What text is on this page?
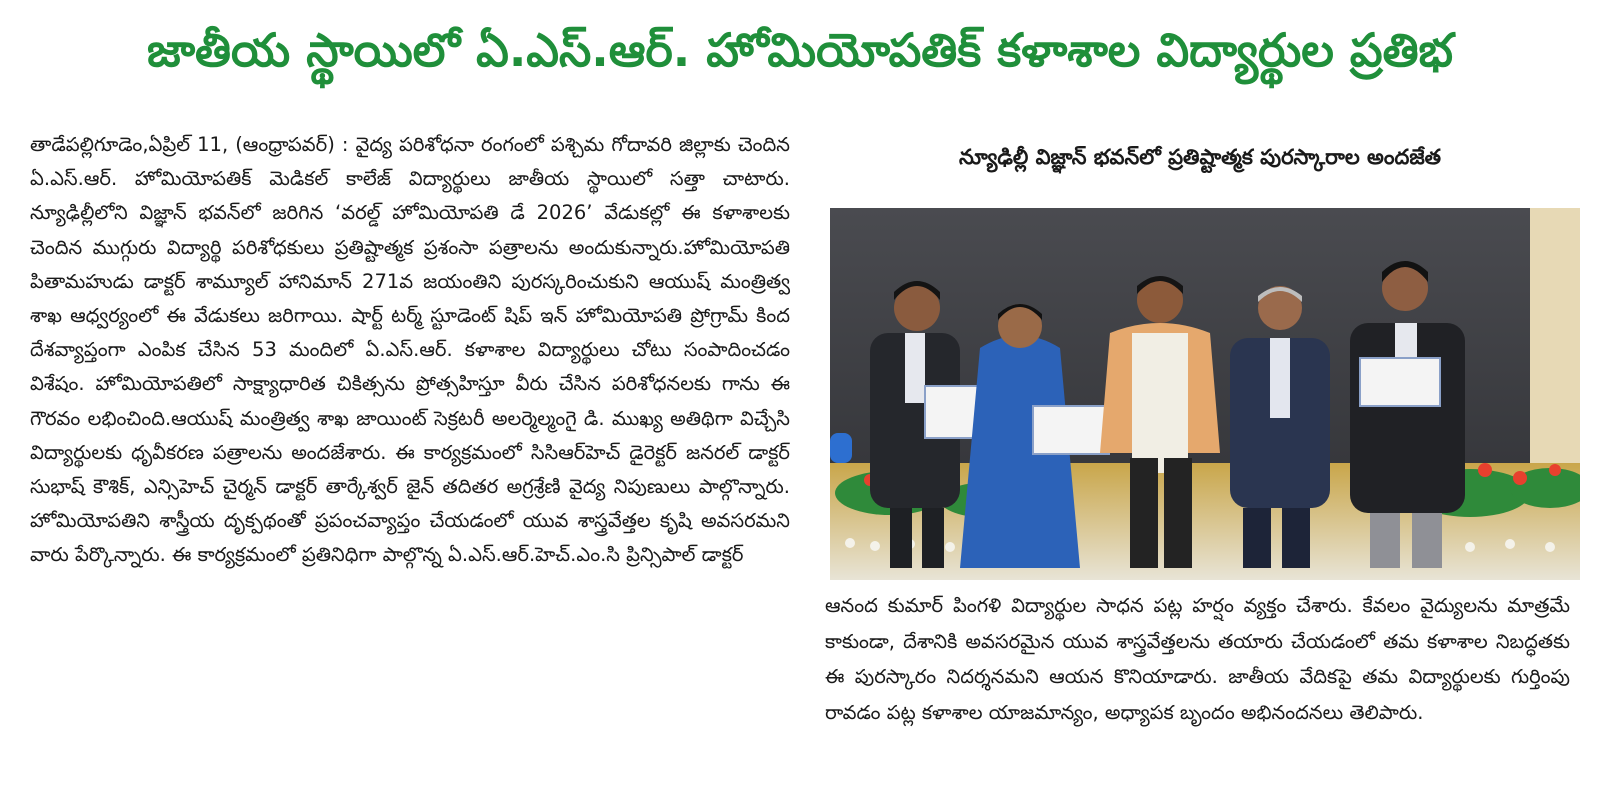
జాతీయ స్థాయిలో ఏ.ఎస్.ఆర్. హోమియోపతిక్ కళాశాల విద్యార్థుల ప్రతిభ

తాడేపల్లిగూడెం,ఏప్రిల్ 11, (ఆంధ్రాపవర్) : వైద్య పరిశోధనా రంగంలో పశ్చిమ గోదావరి జిల్లాకు చెందిన ఏ.ఎస్.ఆర్. హోమియోపతిక్ మెడికల్ కాలేజ్ విద్యార్థులు జాతీయ స్థాయిలో సత్తా చాటారు. న్యూఢిల్లీలోని విజ్ఞాన్ భవన్‌లో జరిగిన ‘వరల్డ్ హోమియోపతి డే 2026’ వేడుకల్లో ఈ కళాశాలకు చెందిన ముగ్గురు విద్యార్థి పరిశోధకులు ప్రతిష్టాత్మక ప్రశంసా పత్రాలను అందుకున్నారు.హోమియోపతి పితామహుడు డాక్టర్ శామ్యూల్ హానిమాన్ 271వ జయంతిని పురస్కరించుకుని ఆయుష్ మంత్రిత్వ శాఖ ఆధ్వర్యంలో ఈ వేడుకలు జరిగాయి. షార్ట్ టర్మ్ స్టూడెంట్ షిప్ ఇన్ హోమియోపతి ప్రోగ్రామ్ కింద దేశవ్యాప్తంగా ఎంపిక చేసిన 53 మందిలో ఏ.ఎస్.ఆర్. కళాశాల విద్యార్థులు చోటు సంపాదించడం విశేషం. హోమియోపతిలో సాక్ష్యాధారిత చికిత్సను ప్రోత్సహిస్తూ వీరు చేసిన పరిశోధనలకు గాను ఈ గౌరవం లభించింది.ఆయుష్ మంత్రిత్వ శాఖ జాయింట్ సెక్రటరీ అలర్మెల్మంగై డి. ముఖ్య అతిథిగా విచ్చేసి విద్యార్థులకు ధృవీకరణ పత్రాలను అందజేశారు. ఈ కార్యక్రమంలో సిసిఆర్‌హెచ్ డైరెక్టర్ జనరల్ డాక్టర్ సుభాష్ కౌశిక్, ఎన్సిహెచ్ చైర్మన్ డాక్టర్ తార్కేశ్వర్ జైన్ తదితర అగ్రశ్రేణి వైద్య నిపుణులు పాల్గొన్నారు. హోమియోపతిని శాస్త్రీయ దృక్పథంతో ప్రపంచవ్యాప్తం చేయడంలో యువ శాస్త్రవేత్తల కృషి అవసరమని వారు పేర్కొన్నారు. ఈ కార్యక్రమంలో ప్రతినిధిగా పాల్గొన్న ఏ.ఎస్.ఆర్.హెచ్.ఎం.సి ప్రిన్సిపాల్ డాక్టర్

న్యూఢిల్లీ విజ్ఞాన్ భవన్‌లో ప్రతిష్టాత్మక పురస్కారాల అందజేత

ఆనంద కుమార్ పింగళి విద్యార్థుల సాధన పట్ల హర్షం వ్యక్తం చేశారు. కేవలం వైద్యులను మాత్రమే కాకుండా, దేశానికి అవసరమైన యువ శాస్త్రవేత్తలను తయారు చేయడంలో తమ కళాశాల నిబద్ధతకు ఈ పురస్కారం నిదర్శనమని ఆయన కొనియాడారు. జాతీయ వేదికపై తమ విద్యార్థులకు గుర్తింపు రావడం పట్ల కళాశాల యాజమాన్యం, అధ్యాపక బృందం అభినందనలు తెలిపారు.
